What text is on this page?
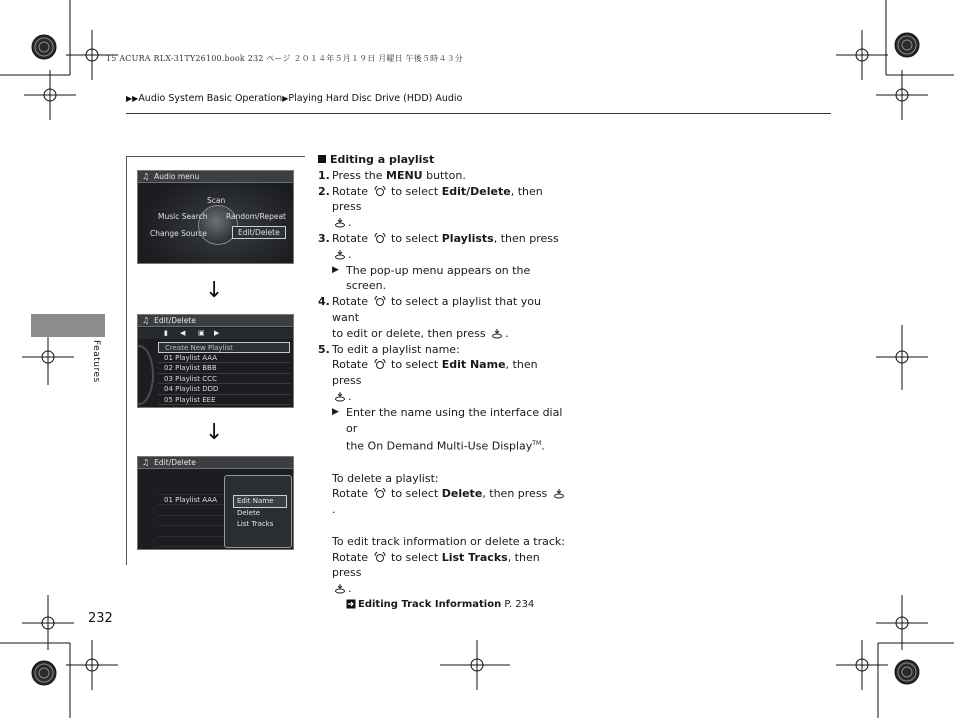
15 ACURA RLX-31TY26100.book 232 ページ ２０１４年５月１９日 月曜日 午後５時４３分
▶▶Audio System Basic Operation▶Playing Hard Disc Drive (HDD) Audio
Features
232
♫ Audio menu
Scan
Music Search Random/Repeat
Change Source	Edit/Delete
↓
♫ Edit/Delete
▮ ◀ ▣ ▶
Create New Playlist
01 Playlist AAA
02 Playlist BBB
03 Playlist CCC
04 Playlist DDD
05 Playlist EEE
↓
♫ Edit/Delete
01 Playlist AAA	Edit Name
Delete
List Tracks
Editing a playlist
1. Press the MENU button.
2. Rotate  to select Edit/Delete, then press
.
3. Rotate  to select Playlists, then press
.
▶ The pop-up menu appears on the screen.
4. Rotate  to select a playlist that you want
to edit or delete, then press .
5. To edit a playlist name:
Rotate  to select Edit Name, then press
.
▶ Enter the name using the interface dial or
the On Demand Multi-Use Display™.
To delete a playlist:
Rotate  to select Delete, then press .
To edit track information or delete a track:
Rotate  to select List Tracks, then press
.
Editing Track Information P. 234
